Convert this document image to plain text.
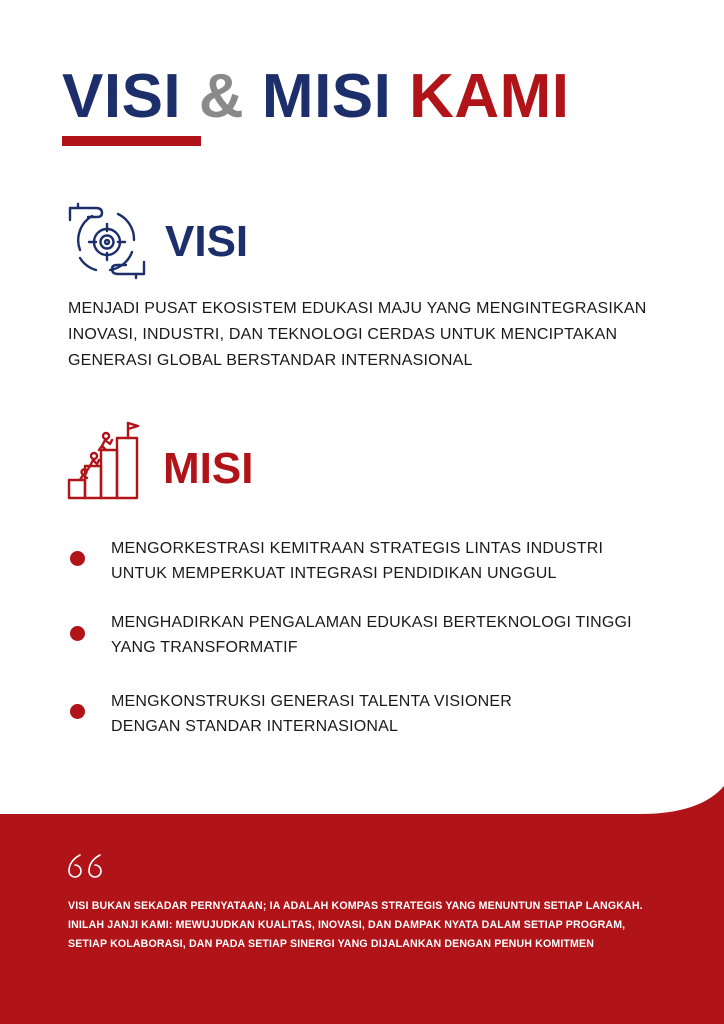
VISI & MISI KAMI
VISI

MENJADI PUSAT EKOSISTEM EDUKASI MAJU YANG MENGINTEGRASIKAN
INOVASI, INDUSTRI, DAN TEKNOLOGI CERDAS UNTUK MENCIPTAKAN
GENERASI GLOBAL BERSTANDAR INTERNASIONAL

MISI
MENGORKESTRASI KEMITRAAN STRATEGIS LINTAS INDUSTRI
UNTUK MEMPERKUAT INTEGRASI PENDIDIKAN UNGGUL
MENGHADIRKAN PENGALAMAN EDUKASI BERTEKNOLOGI TINGGI
YANG TRANSFORMATIF
MENGKONSTRUKSI GENERASI TALENTA VISIONER
DENGAN STANDAR INTERNASIONAL

VISI BUKAN SEKADAR PERNYATAAN; IA ADALAH KOMPAS STRATEGIS YANG MENUNTUN SETIAP LANGKAH.
INILAH JANJI KAMI: MEWUJUDKAN KUALITAS, INOVASI, DAN DAMPAK NYATA DALAM SETIAP PROGRAM,
SETIAP KOLABORASI, DAN PADA SETIAP SINERGI YANG DIJALANKAN DENGAN PENUH KOMITMEN
